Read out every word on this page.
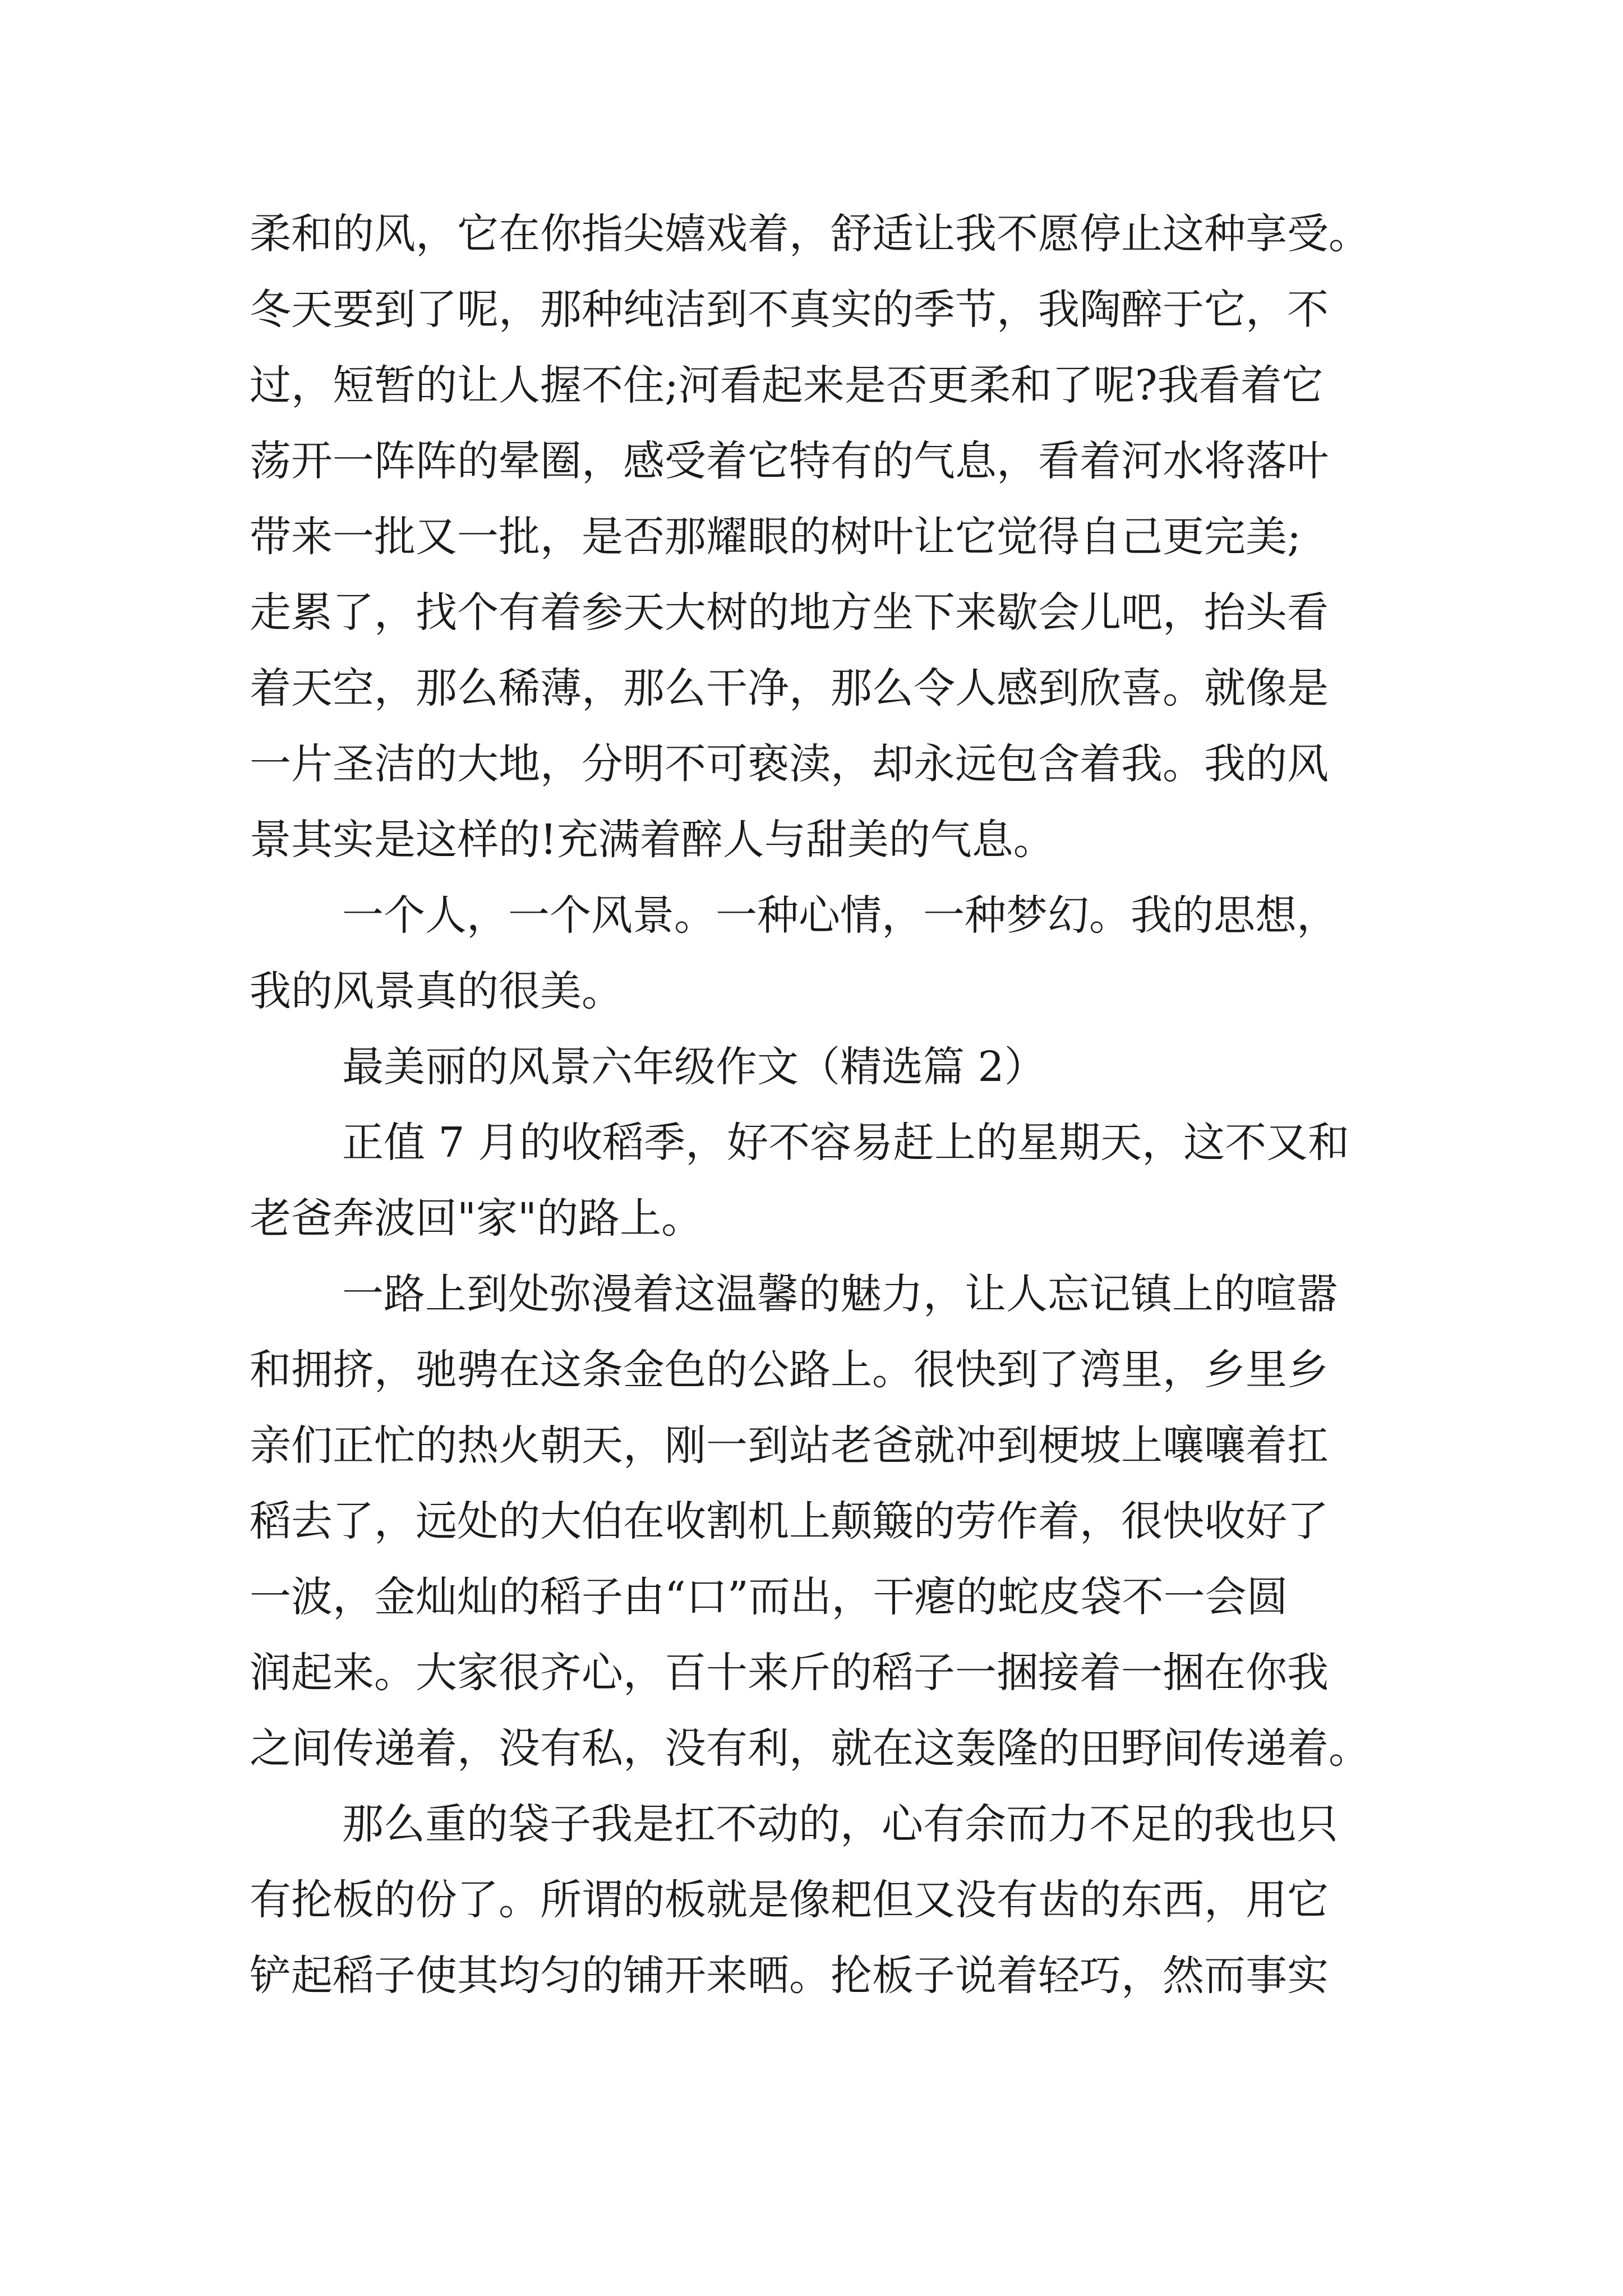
柔和的风，它在你指尖嬉戏着，舒适让我不愿停止这种享受。
冬天要到了呢，那种纯洁到不真实的季节，我陶醉于它，不
过，短暂的让人握不住;河看起来是否更柔和了呢?我看着它
荡开一阵阵的晕圈，感受着它特有的气息，看着河水将落叶
带来一批又一批，是否那耀眼的树叶让它觉得自己更完美;
走累了，找个有着参天大树的地方坐下来歇会儿吧，抬头看
着天空，那么稀薄，那么干净，那么令人感到欣喜。就像是
一片圣洁的大地，分明不可亵渎，却永远包含着我。我的风
景其实是这样的!充满着醉人与甜美的气息。
一个人，一个风景。一种心情，一种梦幻。我的思想，
我的风景真的很美。
最美丽的风景六年级作文（精选篇 2）
正值 7 月的收稻季，好不容易赶上的星期天，这不又和
老爸奔波回"家"的路上。
一路上到处弥漫着这温馨的魅力，让人忘记镇上的喧嚣
和拥挤，驰骋在这条金色的公路上。很快到了湾里，乡里乡
亲们正忙的热火朝天，刚一到站老爸就冲到梗坡上嚷嚷着扛
稻去了，远处的大伯在收割机上颠簸的劳作着，很快收好了
一波，金灿灿的稻子由“口”而出，干瘪的蛇皮袋不一会圆
润起来。大家很齐心，百十来斤的稻子一捆接着一捆在你我
之间传递着，没有私，没有利，就在这轰隆的田野间传递着。
那么重的袋子我是扛不动的，心有余而力不足的我也只
有抡板的份了。所谓的板就是像耙但又没有齿的东西，用它
铲起稻子使其均匀的铺开来晒。抡板子说着轻巧，然而事实
